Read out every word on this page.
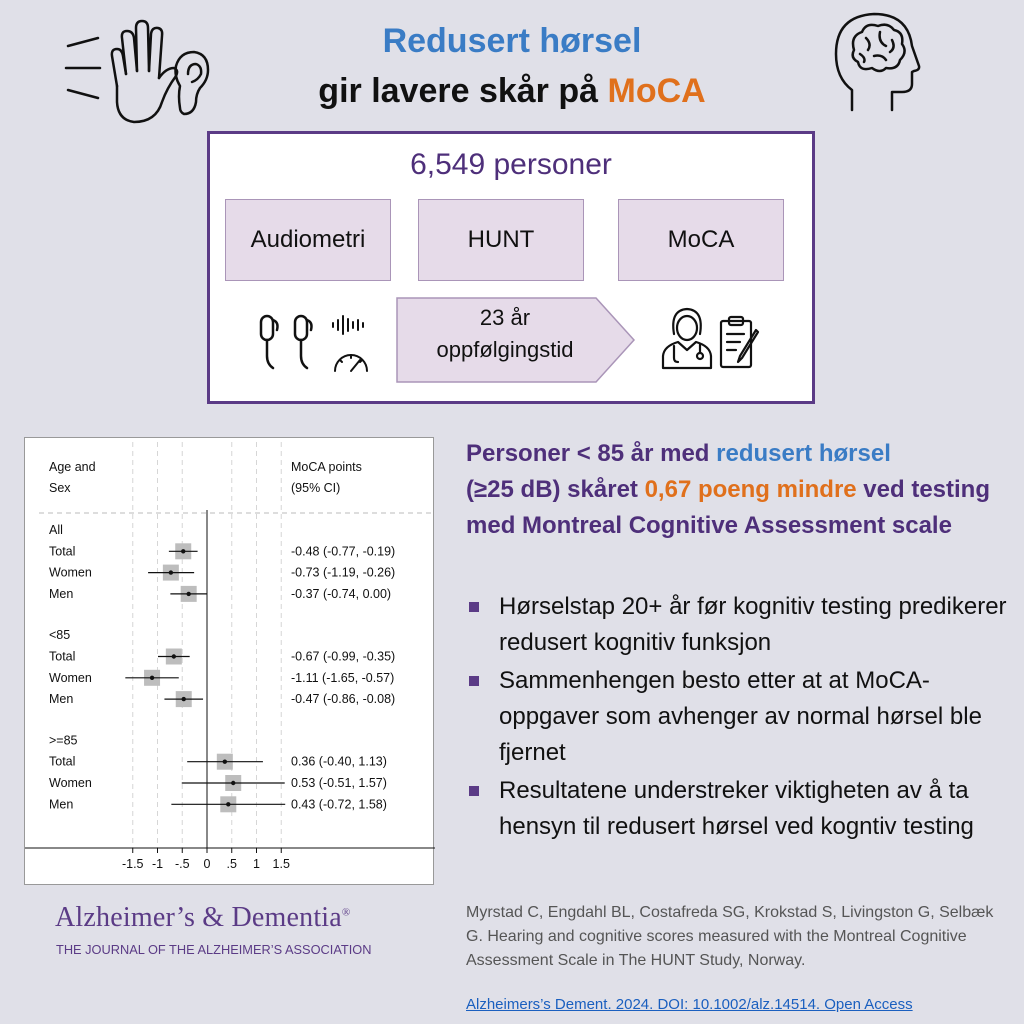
Redusert hørsel
gir lavere skår på MoCA
6,549 personer
Audiometri	HUNT	MoCA
23 år
oppfølgingstid
Age and
Sex
MoCA points
(95% CI)
All
Total	-0.48 (-0.77, -0.19)
Women	-0.73 (-1.19, -0.26)
Men	-0.37 (-0.74, 0.00)
<85
Total	-0.67 (-0.99, -0.35)
Women	-1.11 (-1.65, -0.57)
Men	-0.47 (-0.86, -0.08)
>=85
Total	0.36 (-0.40, 1.13)
Women	0.53 (-0.51, 1.57)
Men	0.43 (-0.72, 1.58)
-1.5 -1 -.5 0 .5 1 1.5
Personer < 85 år med redusert hørsel
(≥25 dB) skåret 0,67 poeng mindre ved testing med Montreal Cognitive Assessment scale
Hørselstap 20+ år før kognitiv testing predikerer redusert kognitiv funksjon
Sammenhengen besto etter at at MoCA-oppgaver som avhenger av normal hørsel ble fjernet
Resultatene understreker viktigheten av å ta hensyn til redusert hørsel ved kogntiv testing
Alzheimer’s & Dementia®
THE JOURNAL OF THE ALZHEIMER’S ASSOCIATION
Myrstad C, Engdahl BL, Costafreda SG, Krokstad S, Livingston G, Selbæk G. Hearing and cognitive scores measured with the Montreal Cognitive Assessment Scale in The HUNT Study, Norway.
Alzheimers’s Dement. 2024. DOI: 10.1002/alz.14514. Open Access
